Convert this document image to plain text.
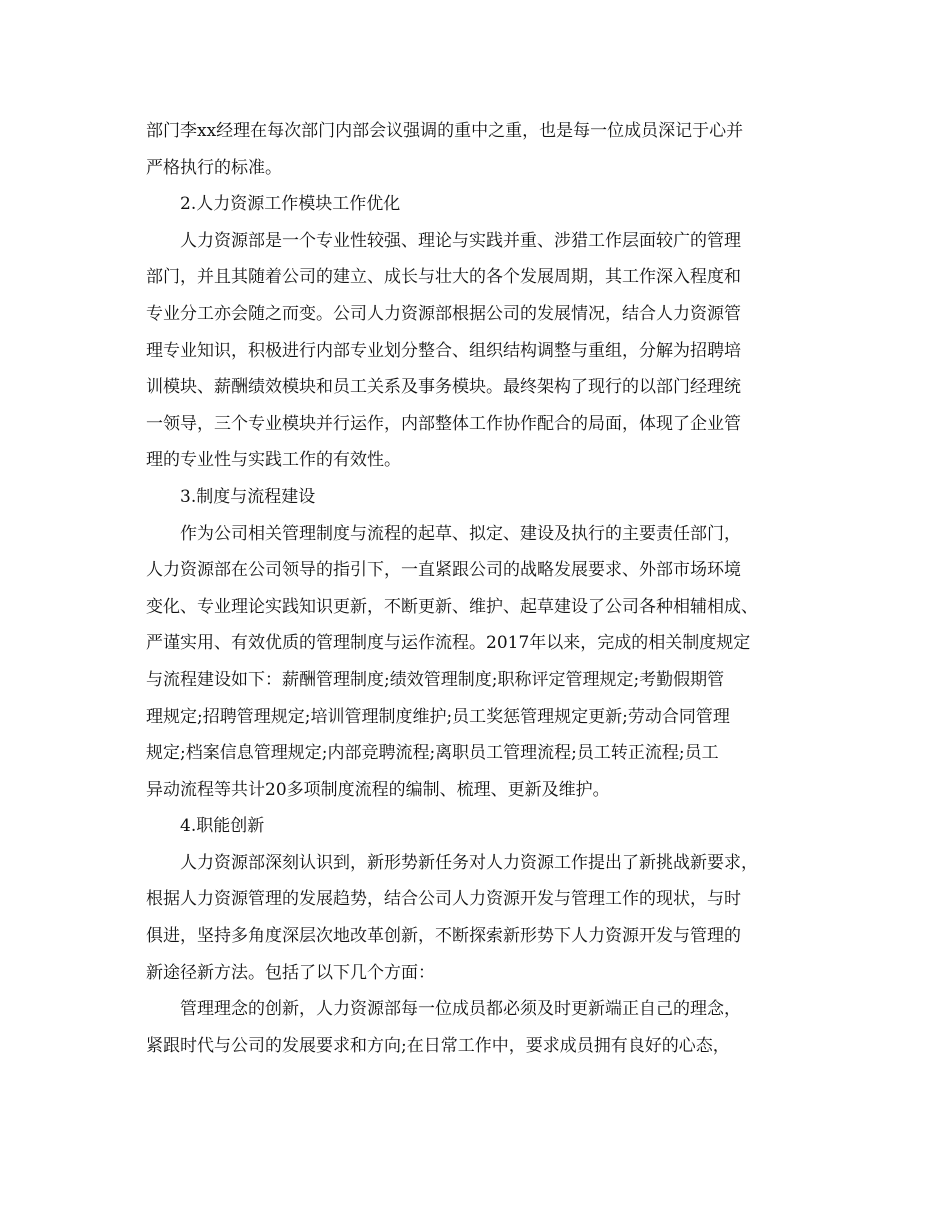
部门李xx经理在每次部门内部会议强调的重中之重，也是每一位成员深记于心并
严格执行的标准。
2.人力资源工作模块工作优化
人力资源部是一个专业性较强、理论与实践并重、涉猎工作层面较广的管理
部门，并且其随着公司的建立、成长与壮大的各个发展周期，其工作深入程度和
专业分工亦会随之而变。公司人力资源部根据公司的发展情况，结合人力资源管
理专业知识，积极进行内部专业划分整合、组织结构调整与重组，分解为招聘培
训模块、薪酬绩效模块和员工关系及事务模块。最终架构了现行的以部门经理统
一领导，三个专业模块并行运作，内部整体工作协作配合的局面，体现了企业管
理的专业性与实践工作的有效性。
3.制度与流程建设
作为公司相关管理制度与流程的起草、拟定、建设及执行的主要责任部门，
人力资源部在公司领导的指引下，一直紧跟公司的战略发展要求、外部市场环境
变化、专业理论实践知识更新，不断更新、维护、起草建设了公司各种相辅相成、
严谨实用、有效优质的管理制度与运作流程。2017年以来，完成的相关制度规定
与流程建设如下：薪酬管理制度;绩效管理制度;职称评定管理规定;考勤假期管
理规定;招聘管理规定;培训管理制度维护;员工奖惩管理规定更新;劳动合同管理
规定;档案信息管理规定;内部竞聘流程;离职员工管理流程;员工转正流程;员工
异动流程等共计20多项制度流程的编制、梳理、更新及维护。
4.职能创新
人力资源部深刻认识到，新形势新任务对人力资源工作提出了新挑战新要求，
根据人力资源管理的发展趋势，结合公司人力资源开发与管理工作的现状，与时
俱进，坚持多角度深层次地改革创新，不断探索新形势下人力资源开发与管理的
新途径新方法。包括了以下几个方面：
管理理念的创新，人力资源部每一位成员都必须及时更新端正自己的理念，
紧跟时代与公司的发展要求和方向;在日常工作中，要求成员拥有良好的心态，
